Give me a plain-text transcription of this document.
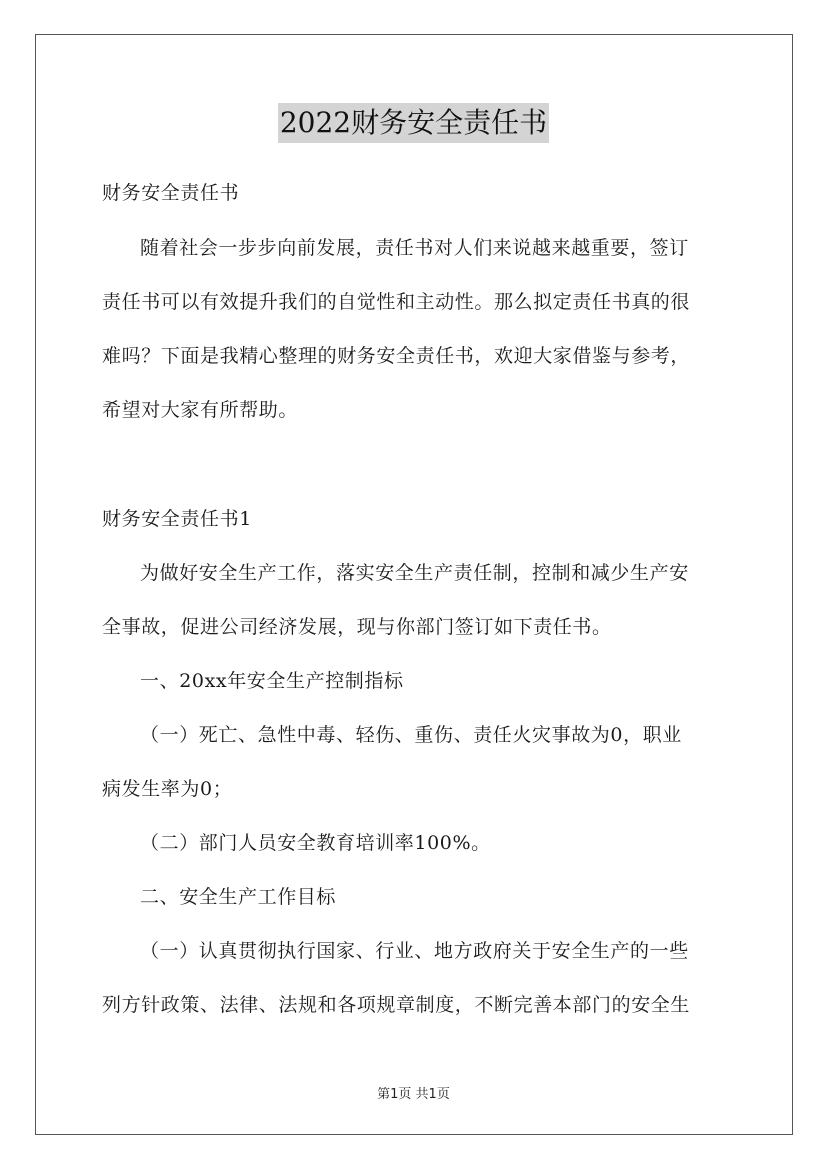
2022财务安全责任书
财务安全责任书
随着社会一步步向前发展，责任书对人们来说越来越重要，签订
责任书可以有效提升我们的自觉性和主动性。那么拟定责任书真的很
难吗？下面是我精心整理的财务安全责任书，欢迎大家借鉴与参考，
希望对大家有所帮助。
财务安全责任书1
为做好安全生产工作，落实安全生产责任制，控制和减少生产安
全事故，促进公司经济发展，现与你部门签订如下责任书。
一、20xx年安全生产控制指标
（一）死亡、急性中毒、轻伤、重伤、责任火灾事故为0，职业
病发生率为0；
（二）部门人员安全教育培训率100%。
二、安全生产工作目标
（一）认真贯彻执行国家、行业、地方政府关于安全生产的一些
列方针政策、法律、法规和各项规章制度，不断完善本部门的安全生
第1页 共1页
